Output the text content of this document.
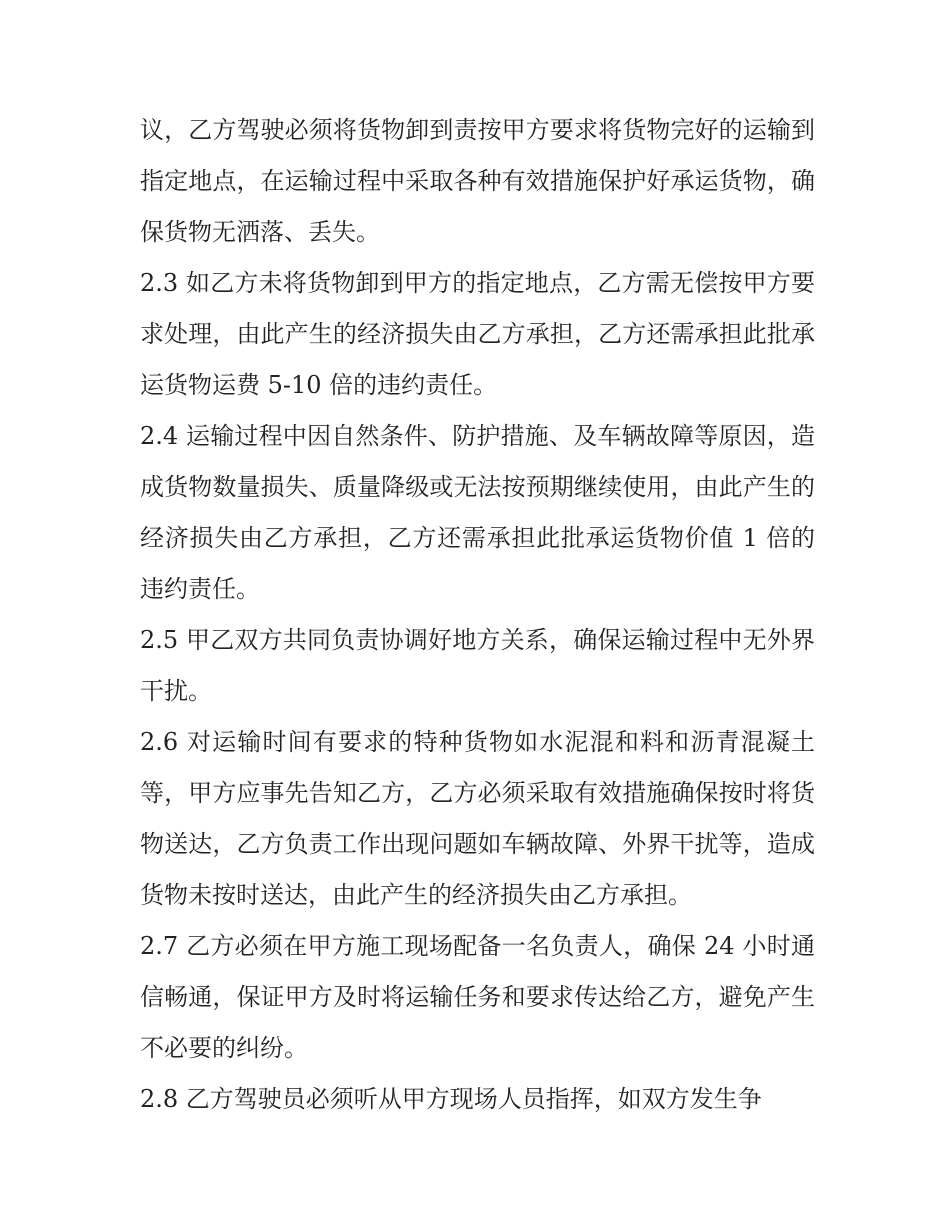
议，乙方驾驶必须将货物卸到责按甲方要求将货物完好的运输到指定地点，在运输过程中采取各种有效措施保护好承运货物，确保货物无洒落、丢失。

2.3 如乙方未将货物卸到甲方的指定地点，乙方需无偿按甲方要求处理，由此产生的经济损失由乙方承担，乙方还需承担此批承运货物运费 5-10 倍的违约责任。

2.4 运输过程中因自然条件、防护措施、及车辆故障等原因，造成货物数量损失、质量降级或无法按预期继续使用，由此产生的经济损失由乙方承担，乙方还需承担此批承运货物价值 1 倍的违约责任。

2.5 甲乙双方共同负责协调好地方关系，确保运输过程中无外界干扰。

2.6 对运输时间有要求的特种货物如水泥混和料和沥青混凝土等，甲方应事先告知乙方，乙方必须采取有效措施确保按时将货物送达，乙方负责工作出现问题如车辆故障、外界干扰等，造成货物未按时送达，由此产生的经济损失由乙方承担。

2.7 乙方必须在甲方施工现场配备一名负责人，确保 24 小时通信畅通，保证甲方及时将运输任务和要求传达给乙方，避免产生不必要的纠纷。

2.8 乙方驾驶员必须听从甲方现场人员指挥，如双方发生争
